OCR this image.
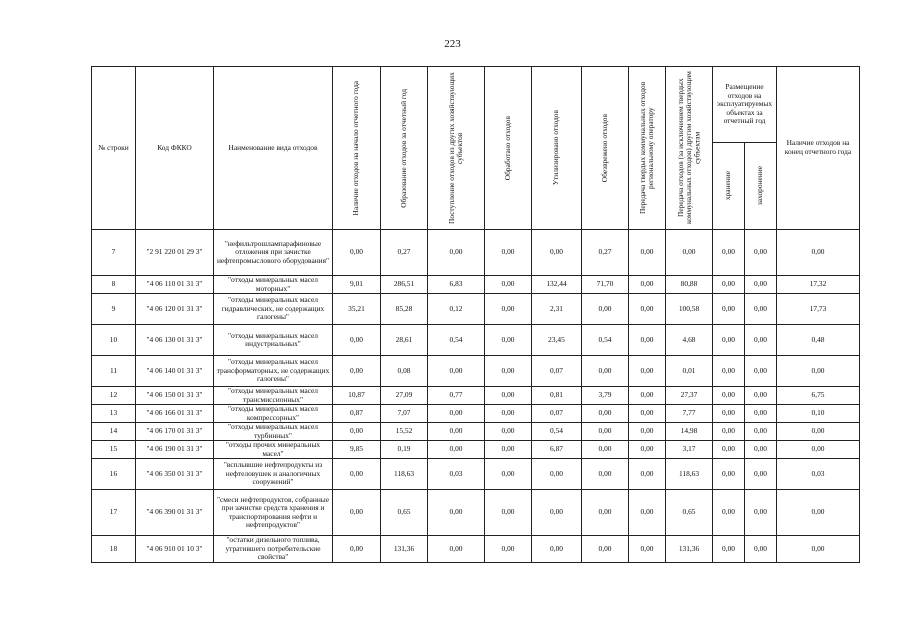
223
№ строки	Код ФККО	Наименование вида отходов	Наличие отходов на начало отчетного года	Образование отходов за отчетный год	Поступление отходов из других хозяйствующих субъектов	Обработано отходов	Утилизировано отходов	Обезврежено отходов	Передача твердых коммунальных отходов региональному оператору	Передача отходов (за исключением твердых коммунальных отходов) другим хозяйствующим субъектам	Размещение отходов на эксплуатируемых объектах за отчетный год		Наличие отходов на конец отчетного года

											хранение	захоронение	

7	"2 91 220 01 29 3"	"нефильтрошлампарафиновые отложения при зачистке нефтепромыслового оборудования"	0,00	0,27	0,00	0,00	0,00	0,27	0,00	0,00	0,00	0,00	0,00
8	"4 06 110 01 31 3"	"отходы минеральных масел моторных"	9,01	286,51	6,83	0,00	132,44	71,70	0,00	80,88	0,00	0,00	17,32
9	"4 06 120 01 31 3"	"отходы минеральных масел гидравлических, не содержащих галогены"	35,21	85,28	0,12	0,00	2,31	0,00	0,00	100,58	0,00	0,00	17,73
10	"4 06 130 01 31 3"	"отходы минеральных масел индустриальных"	0,00	28,61	0,54	0,00	23,45	0,54	0,00	4,68	0,00	0,00	0,48
11	"4 06 140 01 31 3"	"отходы минеральных масел трансформаторных, не содержащих галогены"	0,00	0,08	0,00	0,00	0,07	0,00	0,00	0,01	0,00	0,00	0,00
12	"4 06 150 01 31 3"	"отходы минеральных масел трансмиссионных"	10,87	27,09	0,77	0,00	0,81	3,79	0,00	27,37	0,00	0,00	6,75
13	"4 06 166 01 31 3"	"отходы минеральных масел компрессорных"	0,87	7,07	0,00	0,00	0,07	0,00	0,00	7,77	0,00	0,00	0,10
14	"4 06 170 01 31 3"	"отходы минеральных масел турбинных"	0,00	15,52	0,00	0,00	0,54	0,00	0,00	14,98	0,00	0,00	0,00
15	"4 06 190 01 31 3"	"отходы прочих минеральных масел"	9,85	0,19	0,00	0,00	6,87	0,00	0,00	3,17	0,00	0,00	0,00
16	"4 06 350 01 31 3"	"всплывшие нефтепродукты из нефтеловушек и аналогичных сооружений"	0,00	118,63	0,03	0,00	0,00	0,00	0,00	118,63	0,00	0,00	0,03
17	"4 06 390 01 31 3"	"смеси нефтепродуктов, собранные при зачистке средств хранения и транспортирования нефти и нефтепродуктов"	0,00	0,65	0,00	0,00	0,00	0,00	0,00	0,65	0,00	0,00	0,00
18	"4 06 910 01 10 3"	"остатки дизельного топлива, утратившего потребительские свойства"	0,00	131,36	0,00	0,00	0,00	0,00	0,00	131,36	0,00	0,00	0,00
